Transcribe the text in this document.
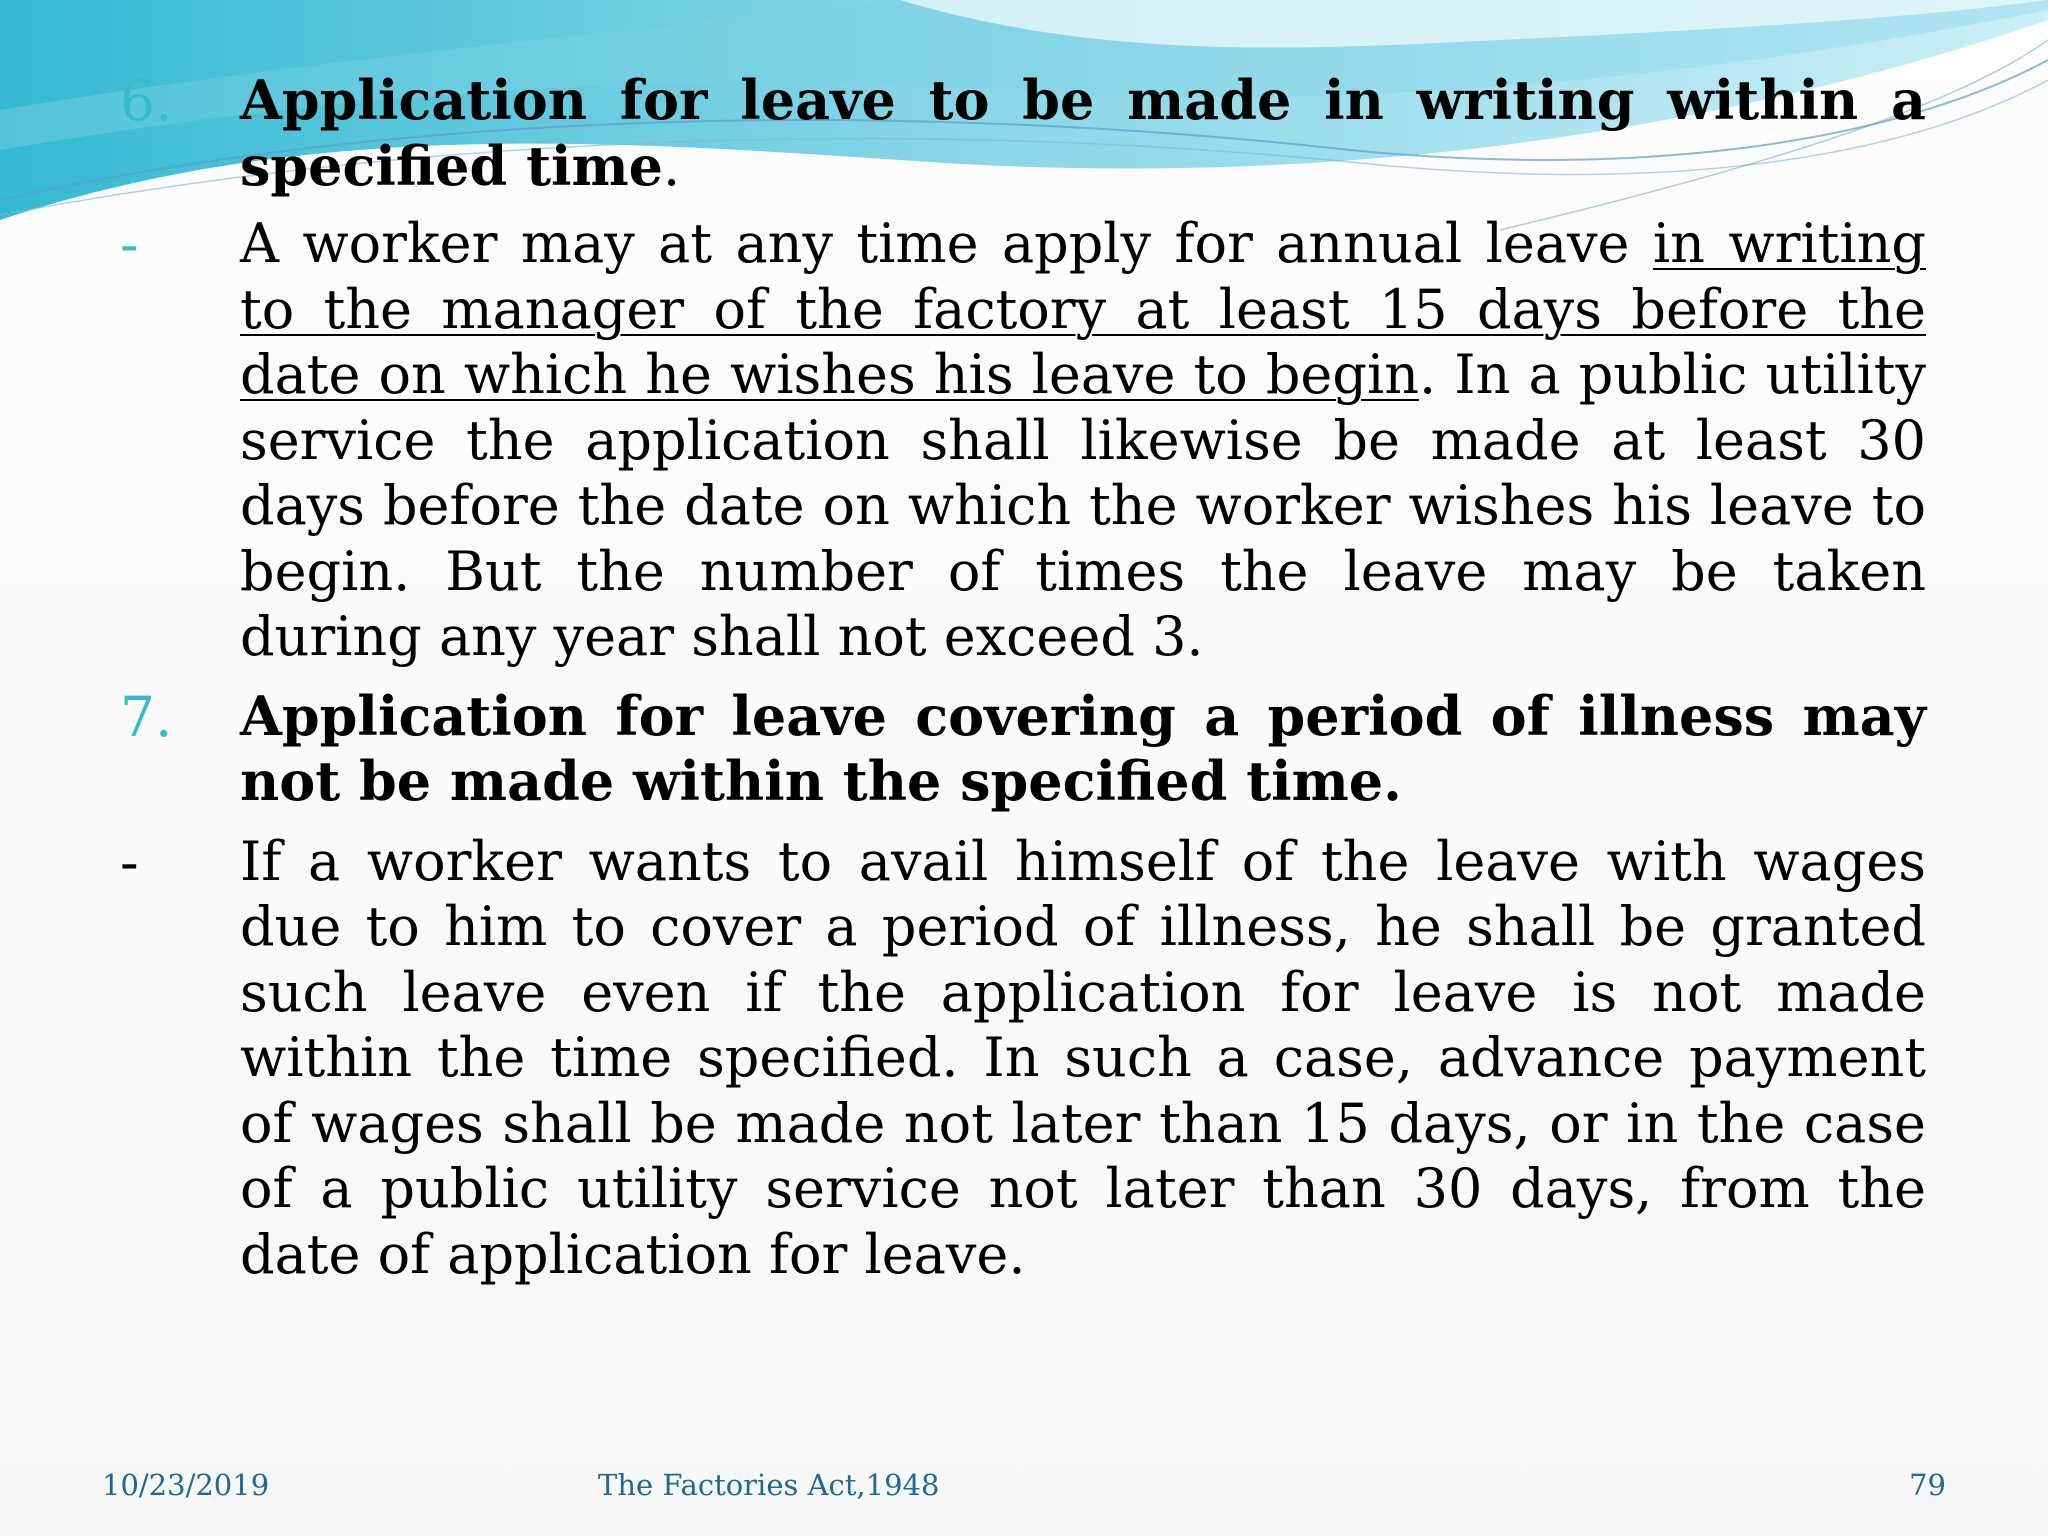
6.	Application for leave to be made in writing within a specified time.
-	A worker may at any time apply for annual leave in writing to the manager of the factory at least 15 days before the date on which he wishes his leave to begin. In a public utility service the application shall likewise be made at least 30 days before the date on which the worker wishes his leave to begin. But the number of times the leave may be taken during any year shall not exceed 3.
7.	Application for leave covering a period of illness may not be made within the specified time.
-	If a worker wants to avail himself of the leave with wages due to him to cover a period of illness, he shall be granted such leave even if the application for leave is not made within the time specified. In such a case, advance payment of wages shall be made not later than 15 days, or in the case of a public utility service not later than 30 days, from the date of application for leave.
10/23/2019	The Factories Act,1948	79
